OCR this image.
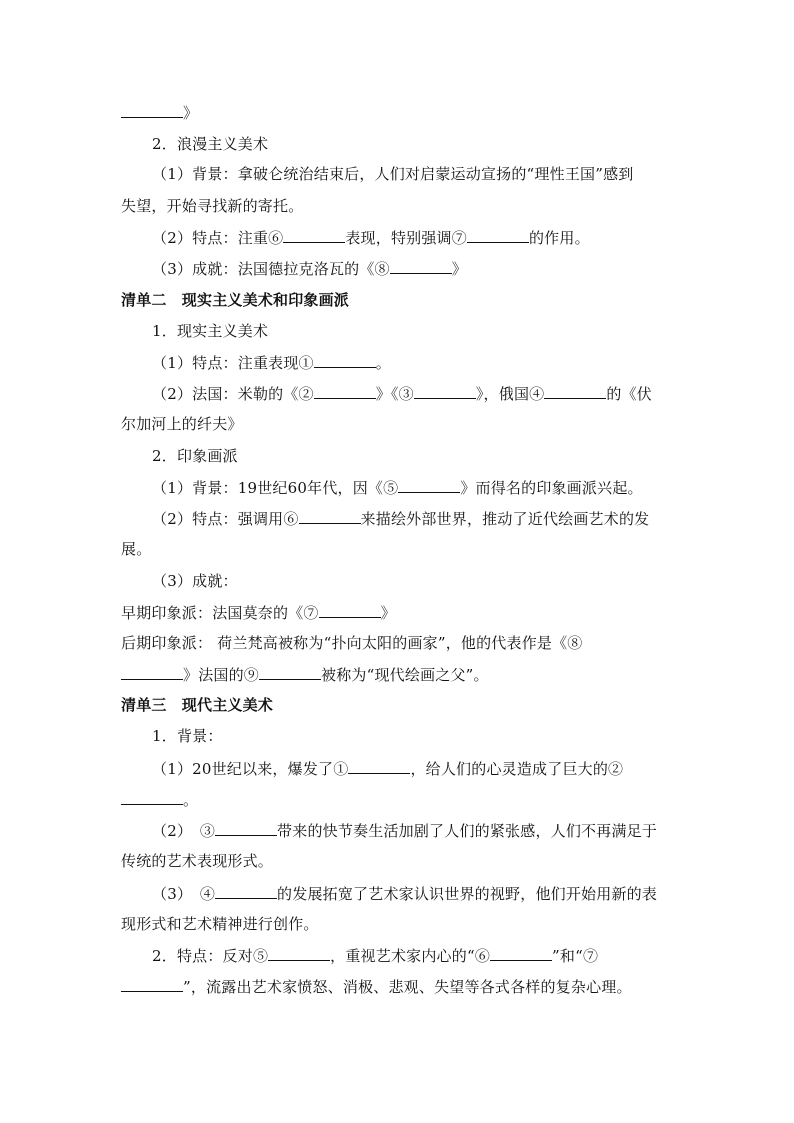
》
2．浪漫主义美术
（1）背景：拿破仑统治结束后，人们对启蒙运动宣扬的“理性王国”感到
失望，开始寻找新的寄托。
（2）特点：注重⑥	表现，特别强调⑦	的作用。
（3）成就：法国德拉克洛瓦的《⑧	》
清单二　现实主义美术和印象画派
1．现实主义美术
（1）特点：注重表现①	。
（2）法国：米勒的《②	》《③	》，俄国④	的《伏
尔加河上的纤夫》
2．印象画派
（1）背景：19世纪60年代，因《⑤	》而得名的印象画派兴起。
（2）特点：强调用⑥	来描绘外部世界，推动了近代绘画艺术的发
展。
（3）成就：
早期印象派：法国莫奈的《⑦	》
后期印象派： 荷兰梵高被称为“扑向太阳的画家”，他的代表作是《⑧
》法国的⑨	被称为“现代绘画之父”。
清单三　现代主义美术
1．背景：
（1）20世纪以来，爆发了①	，给人们的心灵造成了巨大的②
。
（2）　③	带来的快节奏生活加剧了人们的紧张感，人们不再满足于
传统的艺术表现形式。
（3）　④	的发展拓宽了艺术家认识世界的视野，他们开始用新的表
现形式和艺术精神进行创作。
2．特点：反对⑤	，重视艺术家内心的“⑥	”和“⑦
”，流露出艺术家愤怒、消极、悲观、失望等各式各样的复杂心理。
